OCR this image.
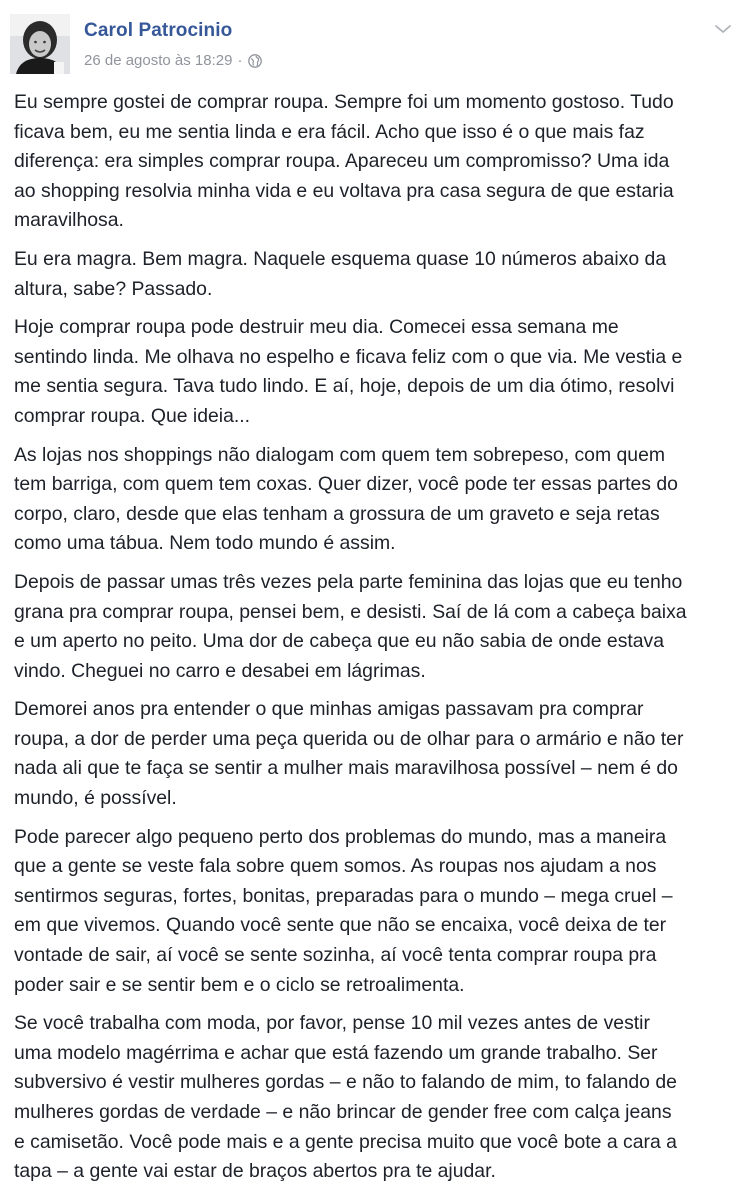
Carol Patrocinio
26 de agosto às 18:29 ·

Eu sempre gostei de comprar roupa. Sempre foi um momento gostoso. Tudo
ficava bem, eu me sentia linda e era fácil. Acho que isso é o que mais faz
diferença: era simples comprar roupa. Apareceu um compromisso? Uma ida
ao shopping resolvia minha vida e eu voltava pra casa segura de que estaria
maravilhosa.

Eu era magra. Bem magra. Naquele esquema quase 10 números abaixo da
altura, sabe? Passado.

Hoje comprar roupa pode destruir meu dia. Comecei essa semana me
sentindo linda. Me olhava no espelho e ficava feliz com o que via. Me vestia e
me sentia segura. Tava tudo lindo. E aí, hoje, depois de um dia ótimo, resolvi
comprar roupa. Que ideia...

As lojas nos shoppings não dialogam com quem tem sobrepeso, com quem
tem barriga, com quem tem coxas. Quer dizer, você pode ter essas partes do
corpo, claro, desde que elas tenham a grossura de um graveto e seja retas
como uma tábua. Nem todo mundo é assim.

Depois de passar umas três vezes pela parte feminina das lojas que eu tenho
grana pra comprar roupa, pensei bem, e desisti. Saí de lá com a cabeça baixa
e um aperto no peito. Uma dor de cabeça que eu não sabia de onde estava
vindo. Cheguei no carro e desabei em lágrimas.

Demorei anos pra entender o que minhas amigas passavam pra comprar
roupa, a dor de perder uma peça querida ou de olhar para o armário e não ter
nada ali que te faça se sentir a mulher mais maravilhosa possível – nem é do
mundo, é possível.

Pode parecer algo pequeno perto dos problemas do mundo, mas a maneira
que a gente se veste fala sobre quem somos. As roupas nos ajudam a nos
sentirmos seguras, fortes, bonitas, preparadas para o mundo – mega cruel –
em que vivemos. Quando você sente que não se encaixa, você deixa de ter
vontade de sair, aí você se sente sozinha, aí você tenta comprar roupa pra
poder sair e se sentir bem e o ciclo se retroalimenta.

Se você trabalha com moda, por favor, pense 10 mil vezes antes de vestir
uma modelo magérrima e achar que está fazendo um grande trabalho. Ser
subversivo é vestir mulheres gordas – e não to falando de mim, to falando de
mulheres gordas de verdade – e não brincar de gender free com calça jeans
e camisetão. Você pode mais e a gente precisa muito que você bote a cara a
tapa – a gente vai estar de braços abertos pra te ajudar.
